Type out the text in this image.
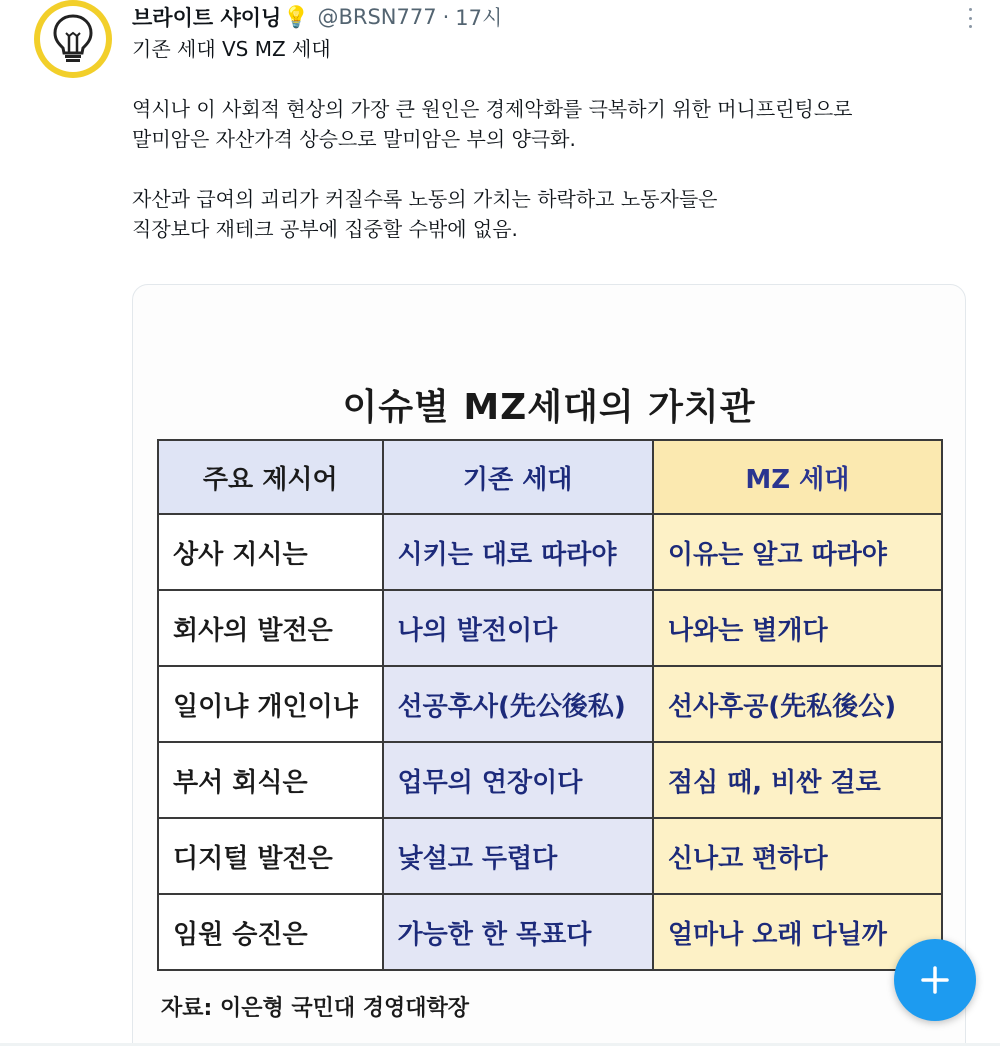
브라이트 샤이닝 💡 @BRSN777 · 17시
기존 세대 VS MZ 세대
역시나 이 사회적 현상의 가장 큰 원인은 경제악화를 극복하기 위한 머니프린팅으로
말미암은 자산가격 상승으로 말미암은 부의 양극화.
자산과 급여의 괴리가 커질수록 노동의 가치는 하락하고 노동자들은
직장보다 재테크 공부에 집중할 수밖에 없음.
이슈별 MZ세대의 가치관
주요 제시어	기존 세대	MZ 세대
상사 지시는	시키는 대로 따라야	이유는 알고 따라야
회사의 발전은	나의 발전이다	나와는 별개다
일이냐 개인이냐	선공후사(先公後私)	선사후공(先私後公)
부서 회식은	업무의 연장이다	점심 때, 비싼 걸로
디지털 발전은	낯설고 두렵다	신나고 편하다
임원 승진은	가능한 한 목표다	얼마나 오래 다닐까
자료: 이은형 국민대 경영대학장
